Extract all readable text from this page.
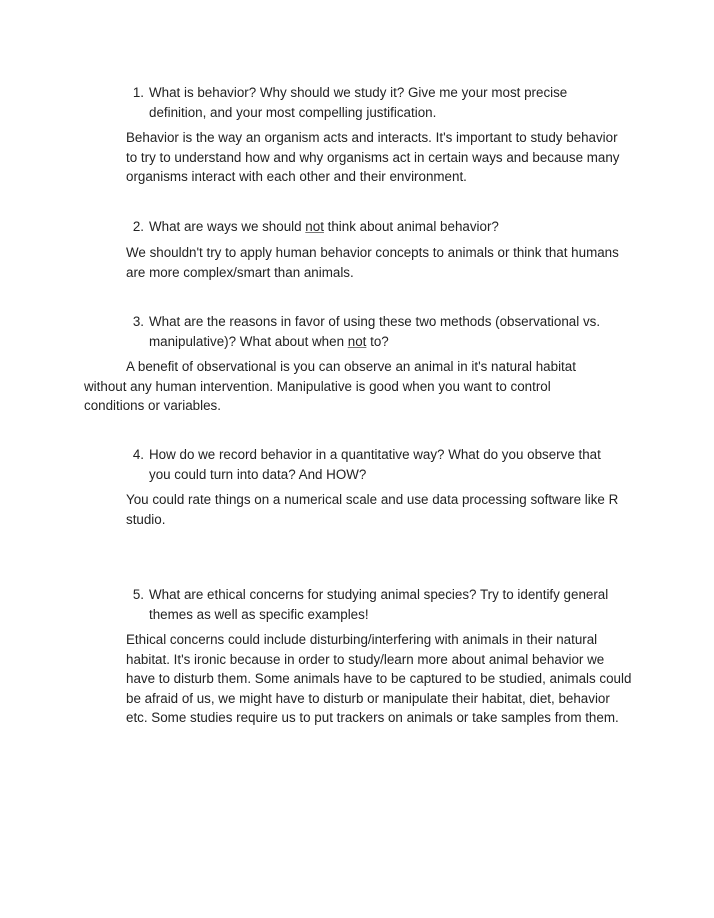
1. What is behavior? Why should we study it? Give me your most precise definition, and your most compelling justification.
Behavior is the way an organism acts and interacts. It's important to study behavior to try to understand how and why organisms act in certain ways and because many organisms interact with each other and their environment.
2. What are ways we should not think about animal behavior?
We shouldn't try to apply human behavior concepts to animals or think that humans are more complex/smart than animals.
3. What are the reasons in favor of using these two methods (observational vs. manipulative)? What about when not to?
A benefit of observational is you can observe an animal in it's natural habitat without any human intervention. Manipulative is good when you want to control conditions or variables.
4. How do we record behavior in a quantitative way? What do you observe that you could turn into data? And HOW?
You could rate things on a numerical scale and use data processing software like R studio.
5. What are ethical concerns for studying animal species? Try to identify general themes as well as specific examples!
Ethical concerns could include disturbing/interfering with animals in their natural habitat. It's ironic because in order to study/learn more about animal behavior we have to disturb them. Some animals have to be captured to be studied, animals could be afraid of us, we might have to disturb or manipulate their habitat, diet, behavior etc. Some studies require us to put trackers on animals or take samples from them.
